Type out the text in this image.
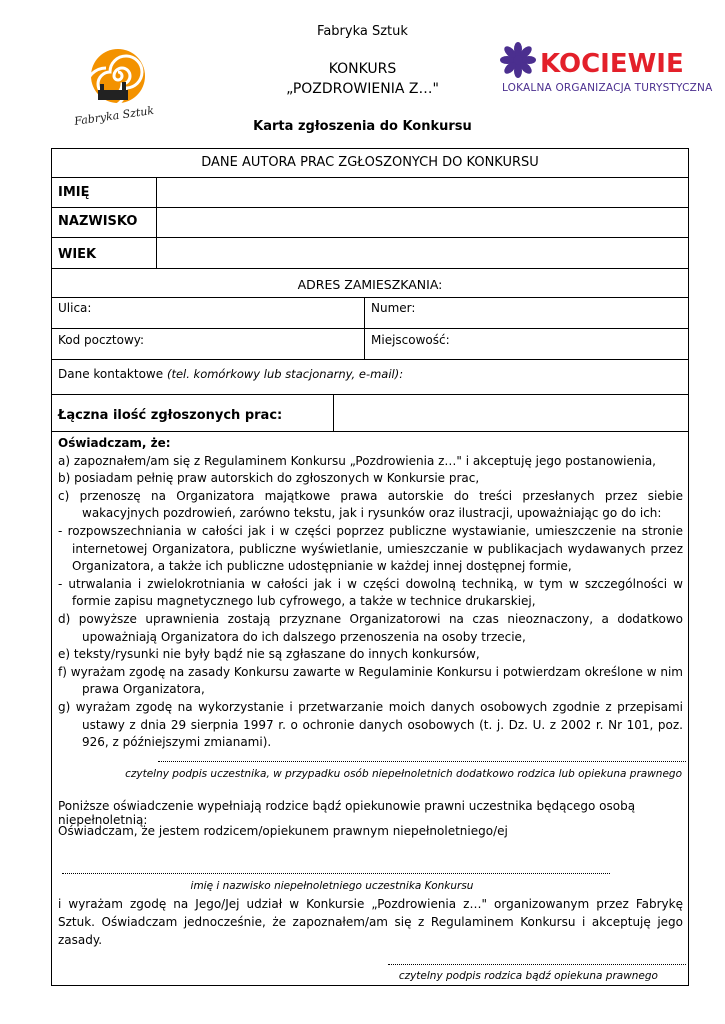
Fabryka Sztuk
KONKURS
„POZDROWIENIA Z…"
Karta zgłoszenia do Konkursu
Fabryka Sztuk
KOCIEWIE
LOKALNA ORGANIZACJA TURYSTYCZNA
DANE AUTORA PRAC ZGŁOSZONYCH DO KONKURSU
IMIĘ
NAZWISKO
WIEK
ADRES ZAMIESZKANIA:
Ulica:	Numer:
Kod pocztowy:	Miejscowość:
Dane kontaktowe (tel. komórkowy lub stacjonarny, e-mail):
Łączna ilość zgłoszonych prac:

Oświadczam, że:

a) zapoznałem/am się z Regulaminem Konkursu „Pozdrowienia z…" i akceptuję jego postanowienia,

b) posiadam pełnię praw autorskich do zgłoszonych w Konkursie prac,

c) przenoszę na Organizatora majątkowe prawa autorskie do treści przesłanych przez siebie wakacyjnych pozdrowień, zarówno tekstu, jak i rysunków oraz ilustracji, upoważniając go do ich:

- rozpowszechniania w całości jak i w części poprzez publiczne wystawianie, umieszczenie na stronie internetowej Organizatora, publiczne wyświetlanie, umieszczanie w publikacjach wydawanych przez Organizatora, a także ich publiczne udostępnianie w każdej innej dostępnej formie,

- utrwalania i zwielokrotniania w całości jak i w części dowolną techniką, w tym w szczególności w formie zapisu magnetycznego lub cyfrowego, a także w technice drukarskiej,

d) powyższe uprawnienia zostają przyznane Organizatorowi na czas nieoznaczony, a dodatkowo upoważniają Organizatora do ich dalszego przenoszenia na osoby trzecie,

e) teksty/rysunki nie były bądź nie są zgłaszane do innych konkursów,

f) wyrażam zgodę na zasady Konkursu zawarte w Regulaminie Konkursu i potwierdzam określone w nim prawa Organizatora,

g) wyrażam zgodę na wykorzystanie i przetwarzanie moich danych osobowych zgodnie z przepisami ustawy z dnia 29 sierpnia 1997 r. o ochronie danych osobowych (t. j. Dz. U. z 2002 r. Nr 101, poz. 926, z późniejszymi zmianami).

czytelny podpis uczestnika, w przypadku osób niepełnoletnich dodatkowo rodzica lub opiekuna prawnego
Poniższe oświadczenie wypełniają rodzice bądź opiekunowie prawni uczestnika będącego osobą niepełnoletnią:
Oświadczam, że jestem rodzicem/opiekunem prawnym niepełnoletniego/ej
imię i nazwisko niepełnoletniego uczestnika Konkursu
i wyrażam zgodę na Jego/Jej udział w Konkursie „Pozdrowienia z…" organizowanym przez Fabrykę Sztuk. Oświadczam jednocześnie, że zapoznałem/am się z Regulaminem Konkursu i akceptuję jego zasady.
czytelny podpis rodzica bądź opiekuna prawnego
